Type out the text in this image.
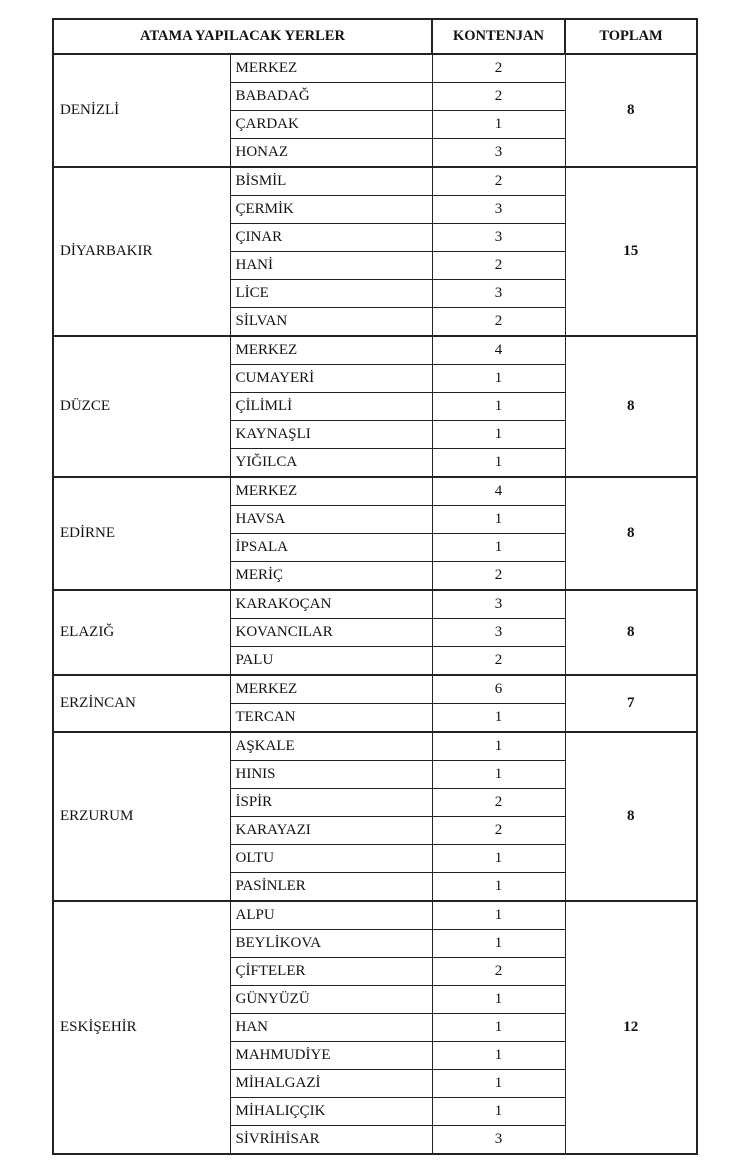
ATAMA YAPILACAK YERLER		KONTENJAN	TOPLAM
DENİZLİ	MERKEZ	2	8
	BABADAĞ	2	
	ÇARDAK	1	
	HONAZ	3	
DİYARBAKIR	BİSMİL	2	15
	ÇERMİK	3	
	ÇINAR	3	
	HANİ	2	
	LİCE	3	
	SİLVAN	2	
DÜZCE	MERKEZ	4	8
	CUMAYERİ	1	
	ÇİLİMLİ	1	
	KAYNAŞLI	1	
	YIĞILCA	1	
EDİRNE	MERKEZ	4	8
	HAVSA	1	
	İPSALA	1	
	MERİÇ	2	
ELAZIĞ	KARAKOÇAN	3	8
	KOVANCILAR	3	
	PALU	2	
ERZİNCAN	MERKEZ	6	7
	TERCAN	1	
ERZURUM	AŞKALE	1	8
	HINIS	1	
	İSPİR	2	
	KARAYAZI	2	
	OLTU	1	
	PASİNLER	1	
ESKİŞEHİR	ALPU	1	12
	BEYLİKOVA	1	
	ÇİFTELER	2	
	GÜNYÜZÜ	1	
	HAN	1	
	MAHMUDİYE	1	
	MİHALGAZİ	1	
	MİHALIÇÇIK	1	
	SİVRİHİSAR	3	
